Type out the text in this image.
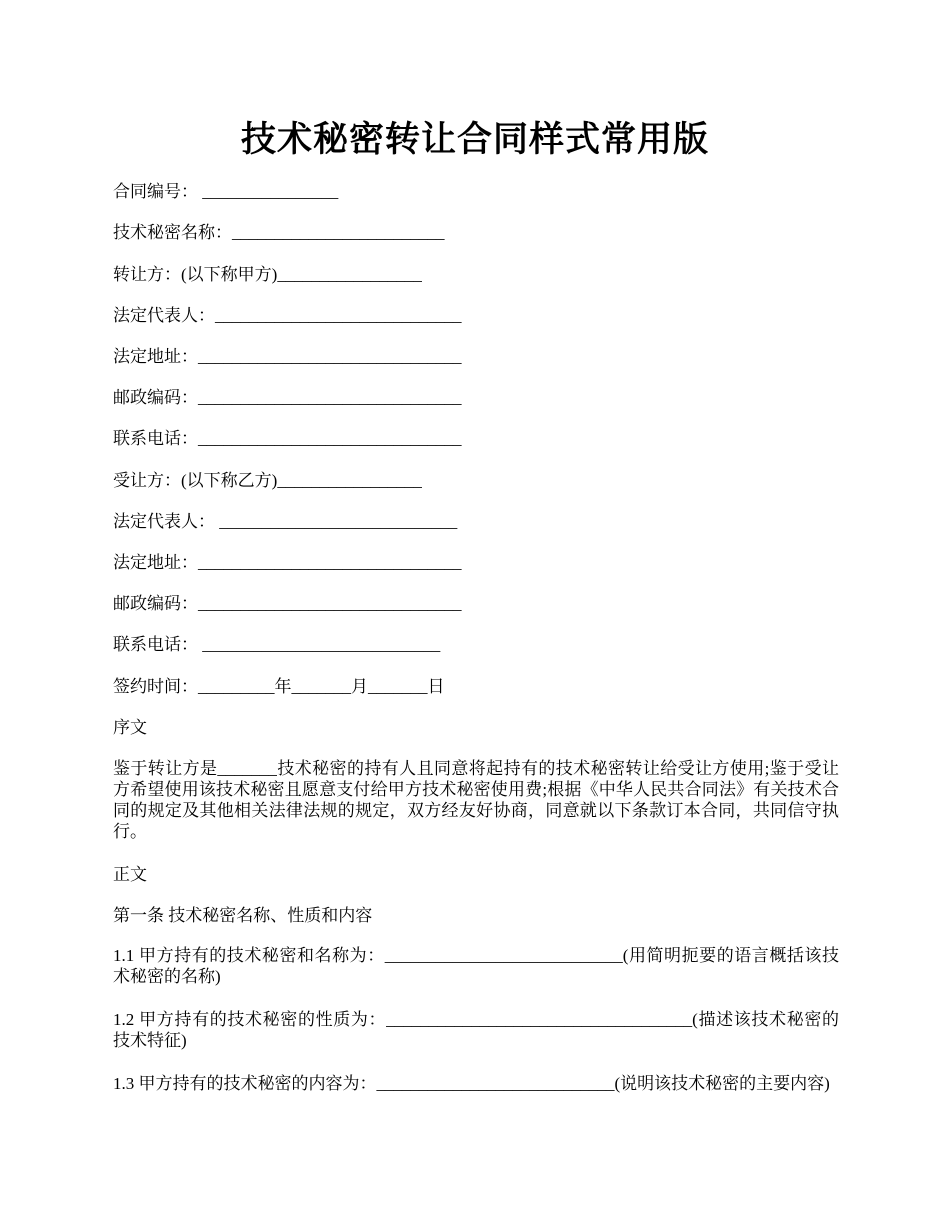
技术秘密转让合同样式常用版
合同编号： ________________
技术秘密名称：_________________________
转让方：(以下称甲方)_________________
法定代表人：_____________________________
法定地址：_______________________________
邮政编码：_______________________________
联系电话：_______________________________
受让方：(以下称乙方)_________________
法定代表人： ____________________________
法定地址：_______________________________
邮政编码：_______________________________
联系电话： ____________________________
签约时间：_________年_______月_______日
序文
鉴于转让方是_______技术秘密的持有人且同意将起持有的技术秘密转让给受让方使用;鉴于受让方希望使用该技术秘密且愿意支付给甲方技术秘密使用费;根据《中华人民共合同法》有关技术合同的规定及其他相关法律法规的规定，双方经友好协商，同意就以下条款订本合同，共同信守执行。
正文
第一条 技术秘密名称、性质和内容
1.1 甲方持有的技术秘密和名称为：____________________________(用简明扼要的语言概括该技术秘密的名称)
1.2 甲方持有的技术秘密的性质为：____________________________________(描述该技术秘密的技术特征)
1.3 甲方持有的技术秘密的内容为：____________________________(说明该技术秘密的主要内容)
